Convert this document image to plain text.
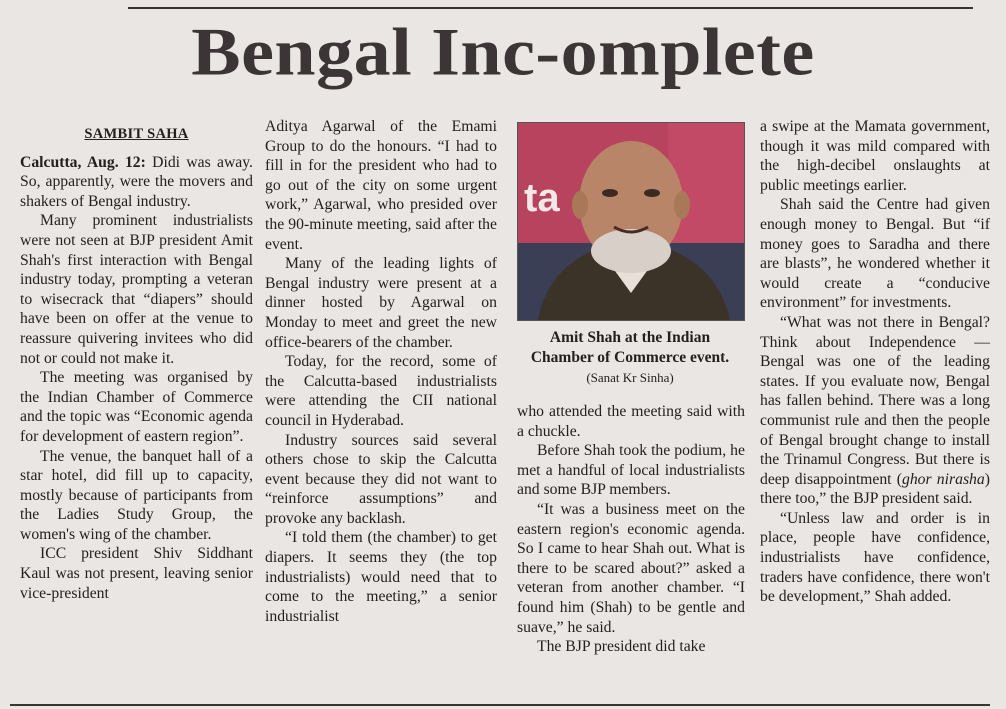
Bengal Inc-omplete

SAMBIT SAHA

Calcutta, Aug. 12: Didi was away. So, apparently, were the movers and shakers of Bengal industry.

Many prominent industrialists were not seen at BJP president Amit Shah's first interaction with Bengal industry today, prompting a veteran to wisecrack that “diapers” should have been on offer at the venue to reassure quivering invitees who did not or could not make it.

The meeting was organised by the Indian Chamber of Commerce and the topic was “Economic agenda for development of eastern region”.

The venue, the banquet hall of a star hotel, did fill up to capacity, mostly because of participants from the Ladies Study Group, the women's wing of the chamber.

ICC president Shiv Siddhant Kaul was not present, leaving senior vice-president

Aditya Agarwal of the Emami Group to do the honours. “I had to fill in for the president who had to go out of the city on some urgent work,” Agarwal, who presided over the 90-minute meeting, said after the event.

Many of the leading lights of Bengal industry were present at a dinner hosted by Agarwal on Monday to meet and greet the new office-bearers of the chamber.

Today, for the record, some of the Calcutta-based industrialists were attending the CII national council in Hyderabad.

Industry sources said several others chose to skip the Calcutta event because they did not want to “reinforce assumptions” and provoke any backlash.

“I told them (the chamber) to get diapers. It seems they (the top industrialists) would need that to come to the meeting,” a senior industrialist

ta
Amit Shah at the Indian Chamber of Commerce event. (Sanat Kr Sinha)

who attended the meeting said with a chuckle.

Before Shah took the podium, he met a handful of local industrialists and some BJP members.

“It was a business meet on the eastern region's economic agenda. So I came to hear Shah out. What is there to be scared about?” asked a veteran from another chamber. “I found him (Shah) to be gentle and suave,” he said.

The BJP president did take

a swipe at the Mamata government, though it was mild compared with the high-decibel onslaughts at public meetings earlier.

Shah said the Centre had given enough money to Bengal. But “if money goes to Saradha and there are blasts”, he wondered whether it would create a “conducive environment” for investments.

“What was not there in Bengal? Think about Independence — Bengal was one of the leading states. If you evaluate now, Bengal has fallen behind. There was a long communist rule and then the people of Bengal brought change to install the Trinamul Congress. But there is deep disappointment (ghor nirasha) there too,” the BJP president said.

“Unless law and order is in place, people have confidence, industrialists have confidence, traders have confidence, there won't be development,” Shah added.
